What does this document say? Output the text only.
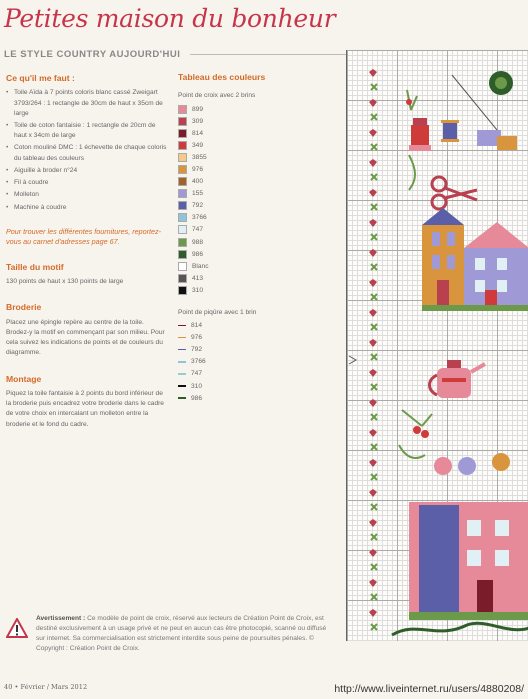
Petites maison du bonheur
LE STYLE COUNTRY AUJOURD'HUI
Ce qu'il me faut :
• Toile Aïda à 7 points coloris blanc cassé Zweigart 3793/264 : 1 rectangle de 30cm de haut x 35cm de large
• Toile de coton fantaisie : 1 rectangle de 20cm de haut x 34cm de large
• Coton mouliné DMC : 1 échevette de chaque coloris du tableau des couleurs
• Aiguille à broder n°24
• Fil à coudre
• Molleton
• Machine à coudre
Pour trouver les différentes fournitures, reportez-vous au carnet d'adresses page 67.
Taille du motif

130 points de haut x 130 points de large

Broderie

Placez une épingle repère au centre de la toile. Brodez-y la motif en commençant par son milieu. Pour cela suivez les indications de points et de couleurs du diagramme.

Montage

Piquez la toile fantaisie à 2 points du bord inférieur de la broderie puis encadrez votre broderie dans le cadre de votre choix en intercalant un molleton entre la broderie et le fond du cadre.

Tableau des couleurs
Point de croix avec 2 brins
899
309
814
349
3855
976
400
155
792
3766
747
988
986
Blanc
413
310
Point de piqûre avec 1 brin
814
976
792
3766
747
310
986
Avertissement : Ce modèle de point de croix, réservé aux lecteurs de Création Point de Croix, est destiné exclusivement à un usage privé et ne peut en aucun cas être photocopié, scanné ou diffusé sur internet. Sa commercialisation est strictement interdite sous peine de poursuites pénales. © Copyright : Création Point de Croix.
40 • Février / Mars 2012	http://www.liveinternet.ru/users/4880208/
